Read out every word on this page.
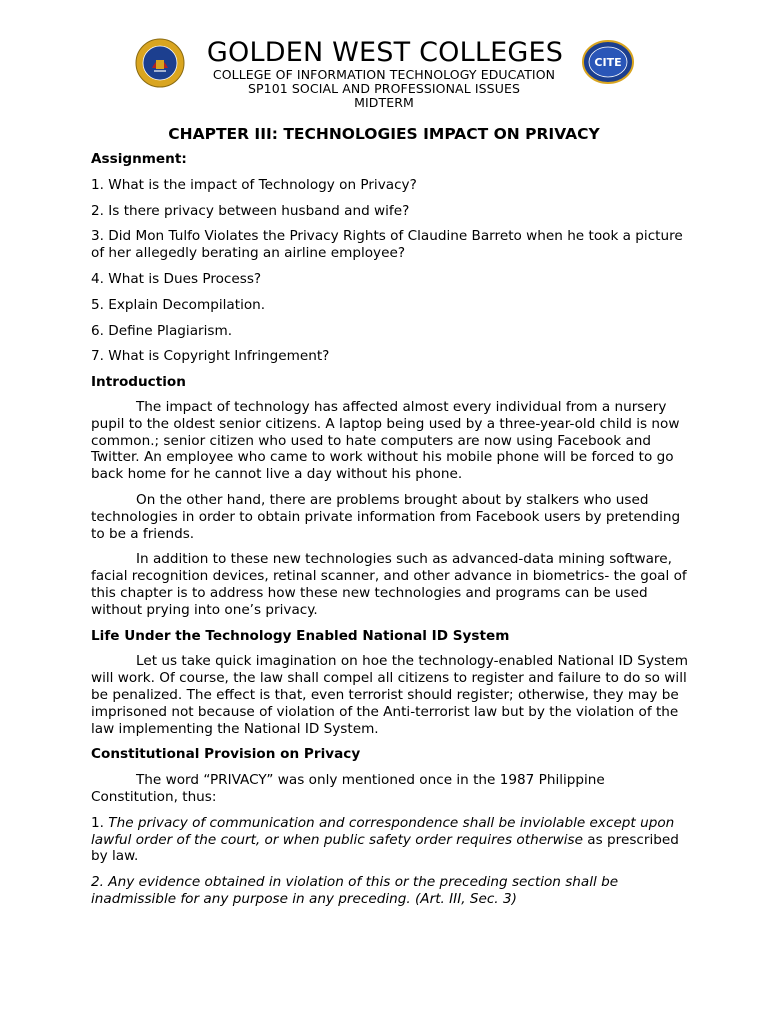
GOLDEN WEST COLLEGES	CITE
COLLEGE OF INFORMATION TECHNOLOGY EDUCATION
SP101 SOCIAL AND PROFESSIONAL ISSUES
MIDTERM
CHAPTER III: TECHNOLOGIES IMPACT ON PRIVACY

Assignment:

1. What is the impact of Technology on Privacy?

2. Is there privacy between husband and wife?

3. Did Mon Tulfo Violates the Privacy Rights of Claudine Barreto when he took a picture of her allegedly berating an airline employee?

4. What is Dues Process?

5. Explain Decompilation.

6. Define Plagiarism.

7. What is Copyright Infringement?

Introduction

The impact of technology has affected almost every individual from a nursery pupil to the oldest senior citizens. A laptop being used by a three-year-old child is now common.; senior citizen who used to hate computers are now using Facebook and Twitter. An employee who came to work without his mobile phone will be forced to go back home for he cannot live a day without his phone.

On the other hand, there are problems brought about by stalkers who used technologies in order to obtain private information from Facebook users by pretending to be a friends.

In addition to these new technologies such as advanced-data mining software, facial recognition devices, retinal scanner, and other advance in biometrics- the goal of this chapter is to address how these new technologies and programs can be used without prying into one’s privacy.

Life Under the Technology Enabled National ID System

Let us take quick imagination on hoe the technology-enabled National ID System will work. Of course, the law shall compel all citizens to register and failure to do so will be penalized. The effect is that, even terrorist should register; otherwise, they may be imprisoned not because of violation of the Anti-terrorist law but by the violation of the law implementing the National ID System.

Constitutional Provision on Privacy

The word “PRIVACY” was only mentioned once in the 1987 Philippine Constitution, thus:

1. The privacy of communication and correspondence shall be inviolable except upon lawful order of the court, or when public safety order requires otherwise as prescribed by law.

2. Any evidence obtained in violation of this or the preceding section shall be inadmissible for any purpose in any preceding. (Art. III, Sec. 3)
